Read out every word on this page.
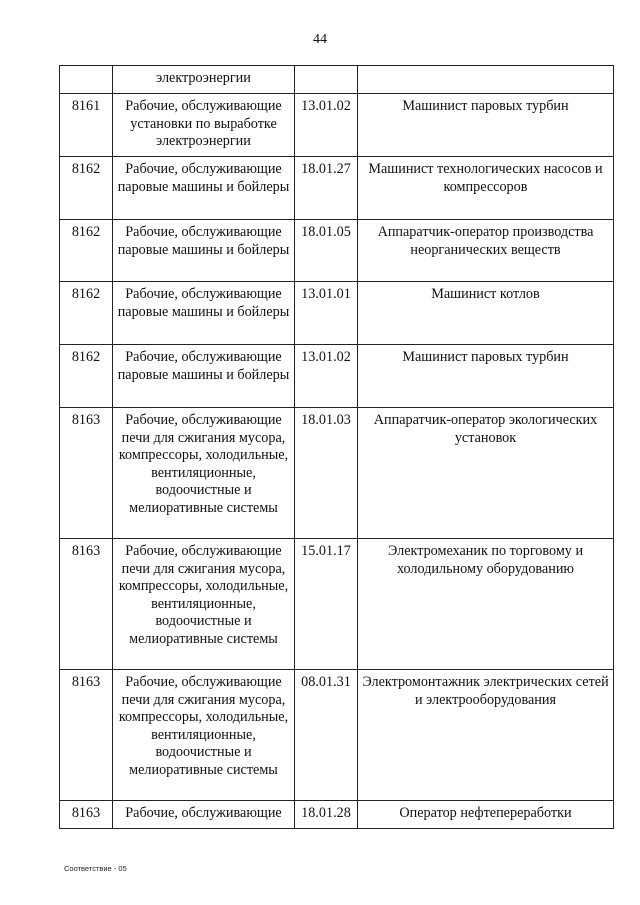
44
	электроэнергии		
8161	Рабочие, обслуживающие установки по выработке электроэнергии	13.01.02	Машинист паровых турбин
8162	Рабочие, обслуживающие паровые машины и бойлеры	18.01.27	Машинист технологических насосов и компрессоров
8162	Рабочие, обслуживающие паровые машины и бойлеры	18.01.05	Аппаратчик-оператор производства неорганических веществ
8162	Рабочие, обслуживающие паровые машины и бойлеры	13.01.01	Машинист котлов
8162	Рабочие, обслуживающие паровые машины и бойлеры	13.01.02	Машинист паровых турбин
8163	Рабочие, обслуживающие печи для сжигания мусора, компрессоры, холодильные, вентиляционные, водоочистные и мелиоративные системы	18.01.03	Аппаратчик-оператор экологических установок
8163	Рабочие, обслуживающие печи для сжигания мусора, компрессоры, холодильные, вентиляционные, водоочистные и мелиоративные системы	15.01.17	Электромеханик по торговому и холодильному оборудованию
8163	Рабочие, обслуживающие печи для сжигания мусора, компрессоры, холодильные, вентиляционные, водоочистные и мелиоративные системы	08.01.31	Электромонтажник электрических сетей и электрооборудования
8163	Рабочие, обслуживающие	18.01.28	Оператор нефтепереработки
Соответствие - 05
